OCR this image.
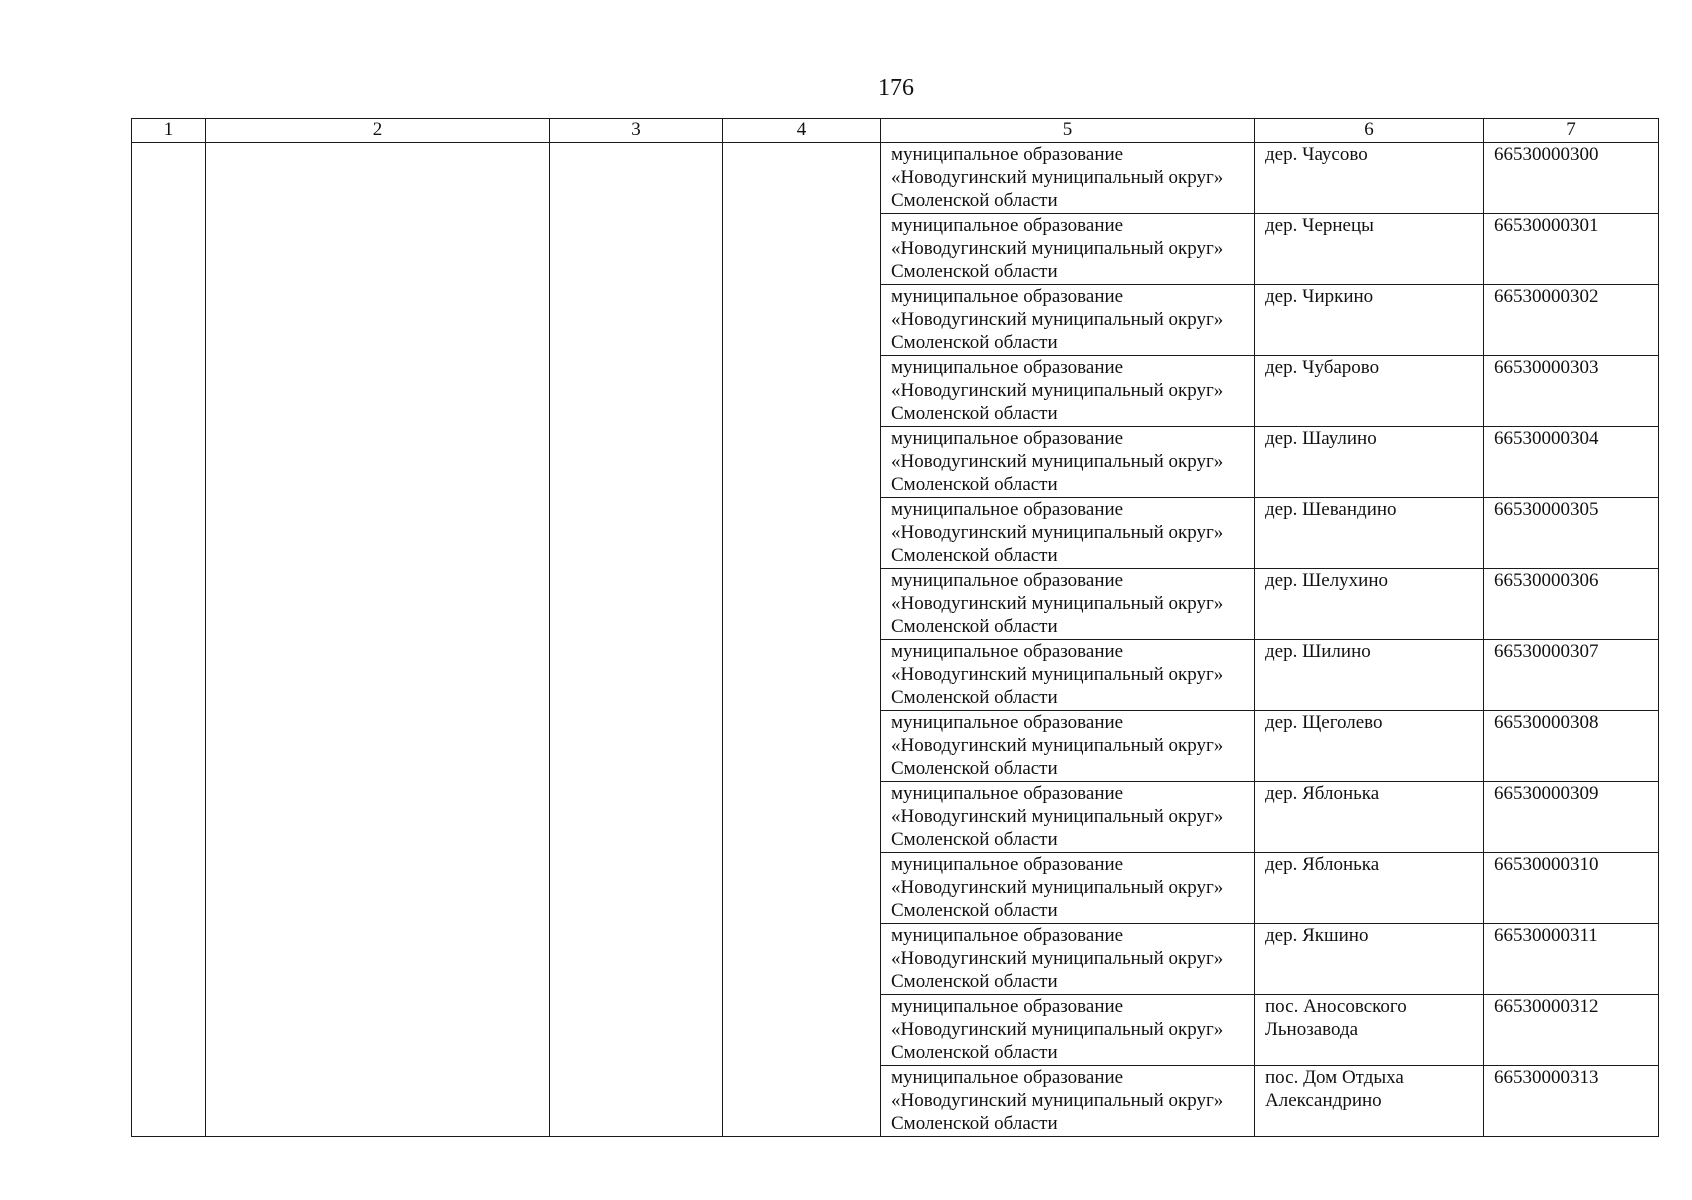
176
1	2	3	4	5	6	7
				муниципальное образование «Новодугинский муниципальный округ» Смоленской области	дер. Чаусово	66530000300
				муниципальное образование «Новодугинский муниципальный округ» Смоленской области	дер. Чернецы	66530000301
				муниципальное образование «Новодугинский муниципальный округ» Смоленской области	дер. Чиркино	66530000302
				муниципальное образование «Новодугинский муниципальный округ» Смоленской области	дер. Чубарово	66530000303
				муниципальное образование «Новодугинский муниципальный округ» Смоленской области	дер. Шаулино	66530000304
				муниципальное образование «Новодугинский муниципальный округ» Смоленской области	дер. Шевандино	66530000305
				муниципальное образование «Новодугинский муниципальный округ» Смоленской области	дер. Шелухино	66530000306
				муниципальное образование «Новодугинский муниципальный округ» Смоленской области	дер. Шилино	66530000307
				муниципальное образование «Новодугинский муниципальный округ» Смоленской области	дер. Щеголево	66530000308
				муниципальное образование «Новодугинский муниципальный округ» Смоленской области	дер. Яблонька	66530000309
				муниципальное образование «Новодугинский муниципальный округ» Смоленской области	дер. Яблонька	66530000310
				муниципальное образование «Новодугинский муниципальный округ» Смоленской области	дер. Якшино	66530000311
				муниципальное образование «Новодугинский муниципальный округ» Смоленской области	пос. Аносовского Льнозавода	66530000312
				муниципальное образование «Новодугинский муниципальный округ» Смоленской области	пос. Дом Отдыха Александрино	66530000313
